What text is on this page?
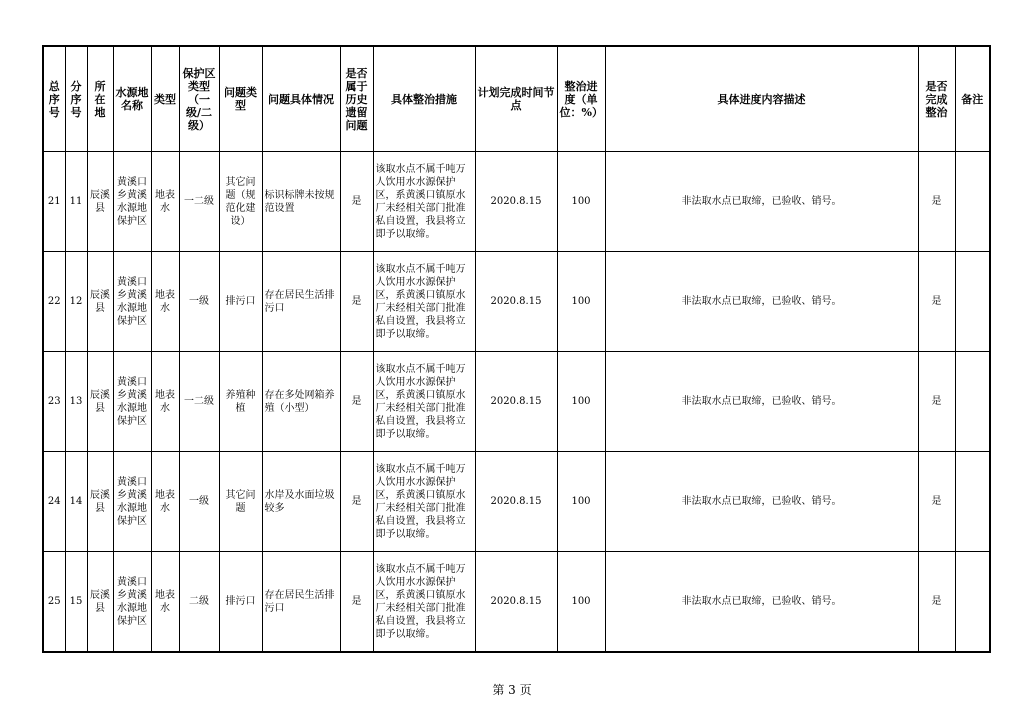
总序号	分序号	所在地	水源地名称	类型	保护区类型（一级/二级）	问题类型	问题具体情况	是否属于历史遗留问题	具体整治措施	计划完成时间节点	整治进度（单位：%）	具体进度内容描述	是否完成整治	备注
21	11	辰溪县	黄溪口乡黄溪水源地保护区	地表水	一二级	其它问题（规范化建设）	标识标牌未按规范设置	是	该取水点不属千吨万人饮用水水源保护区，系黄溪口镇原水厂未经相关部门批准私自设置，我县将立即予以取缔。	2020.8.15	100	非法取水点已取缔，已验收、销号。	是	
22	12	辰溪县	黄溪口乡黄溪水源地保护区	地表水	一级	排污口	存在居民生活排污口	是	该取水点不属千吨万人饮用水水源保护区，系黄溪口镇原水厂未经相关部门批准私自设置，我县将立即予以取缔。	2020.8.15	100	非法取水点已取缔，已验收、销号。	是	
23	13	辰溪县	黄溪口乡黄溪水源地保护区	地表水	一二级	养殖种植	存在多处网箱养殖（小型）	是	该取水点不属千吨万人饮用水水源保护区，系黄溪口镇原水厂未经相关部门批准私自设置，我县将立即予以取缔。	2020.8.15	100	非法取水点已取缔，已验收、销号。	是	
24	14	辰溪县	黄溪口乡黄溪水源地保护区	地表水	一级	其它问题	水岸及水面垃圾较多	是	该取水点不属千吨万人饮用水水源保护区，系黄溪口镇原水厂未经相关部门批准私自设置，我县将立即予以取缔。	2020.8.15	100	非法取水点已取缔，已验收、销号。	是	
25	15	辰溪县	黄溪口乡黄溪水源地保护区	地表水	二级	排污口	存在居民生活排污口	是	该取水点不属千吨万人饮用水水源保护区，系黄溪口镇原水厂未经相关部门批准私自设置，我县将立即予以取缔。	2020.8.15	100	非法取水点已取缔，已验收、销号。	是	
第 3 页
